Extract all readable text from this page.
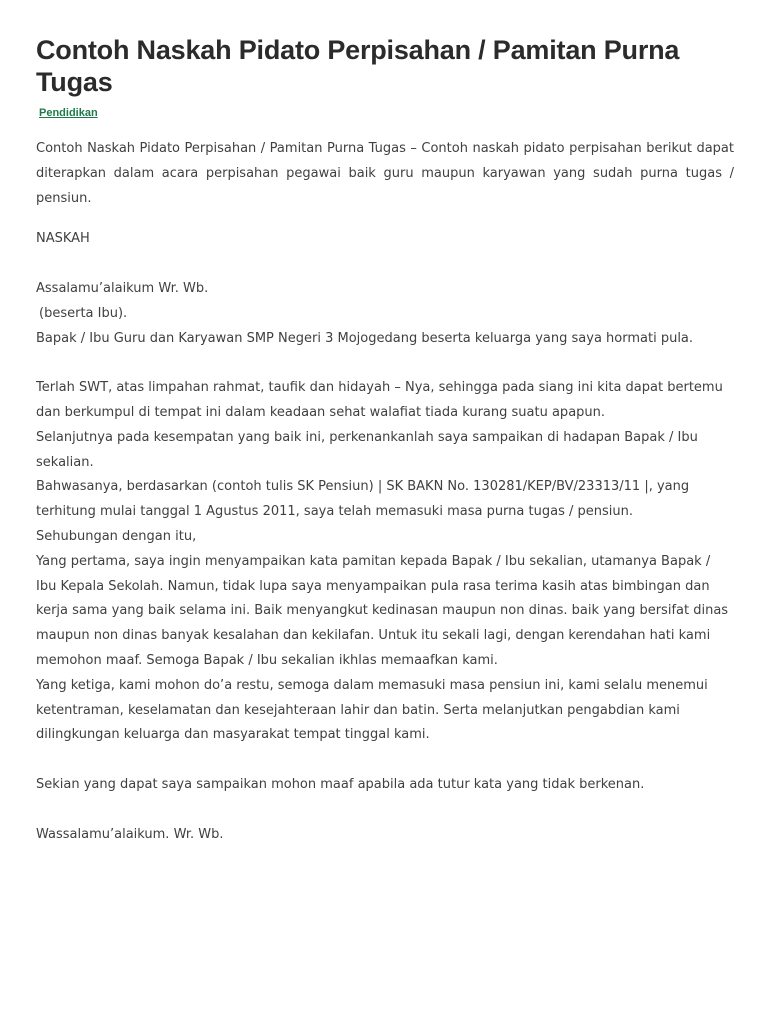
Contoh Naskah Pidato Perpisahan / Pamitan Purna Tugas
Pendidikan

Contoh Naskah Pidato Perpisahan / Pamitan Purna Tugas – Contoh naskah pidato perpisahan berikut dapat diterapkan dalam acara perpisahan pegawai baik guru maupun karyawan yang sudah purna tugas / pensiun.

NASKAH

Assalamu’alaikum Wr. Wb.

(beserta Ibu).

Bapak / Ibu Guru dan Karyawan SMP Negeri 3 Mojogedang beserta keluarga yang saya hormati pula.

Terlah SWT, atas limpahan rahmat, taufik dan hidayah – Nya, sehingga pada siang ini kita dapat bertemu dan berkumpul di tempat ini dalam keadaan sehat walafiat tiada kurang suatu apapun.

Selanjutnya pada kesempatan yang baik ini, perkenankanlah saya sampaikan di hadapan Bapak / Ibu sekalian.

Bahwasanya, berdasarkan (contoh tulis SK Pensiun) | SK BAKN No. 130281/KEP/BV/23313/11 |, yang terhitung mulai tanggal 1 Agustus 2011, saya telah memasuki masa purna tugas / pensiun.

Sehubungan dengan itu,

Yang pertama, saya ingin menyampaikan kata pamitan kepada Bapak / Ibu sekalian, utamanya Bapak / Ibu Kepala Sekolah. Namun, tidak lupa saya menyampaikan pula rasa terima kasih atas bimbingan dan kerja sama yang baik selama ini. Baik menyangkut kedinasan maupun non dinas. baik yang bersifat dinas maupun non dinas banyak kesalahan dan kekilafan. Untuk itu sekali lagi, dengan kerendahan hati kami memohon maaf. Semoga Bapak / Ibu sekalian ikhlas memaafkan kami.

Yang ketiga, kami mohon do’a restu, semoga dalam memasuki masa pensiun ini, kami selalu menemui ketentraman, keselamatan dan kesejahteraan lahir dan batin. Serta melanjutkan pengabdian kami dilingkungan keluarga dan masyarakat tempat tinggal kami.

Sekian yang dapat saya sampaikan mohon maaf apabila ada tutur kata yang tidak berkenan.

Wassalamu’alaikum. Wr. Wb.
